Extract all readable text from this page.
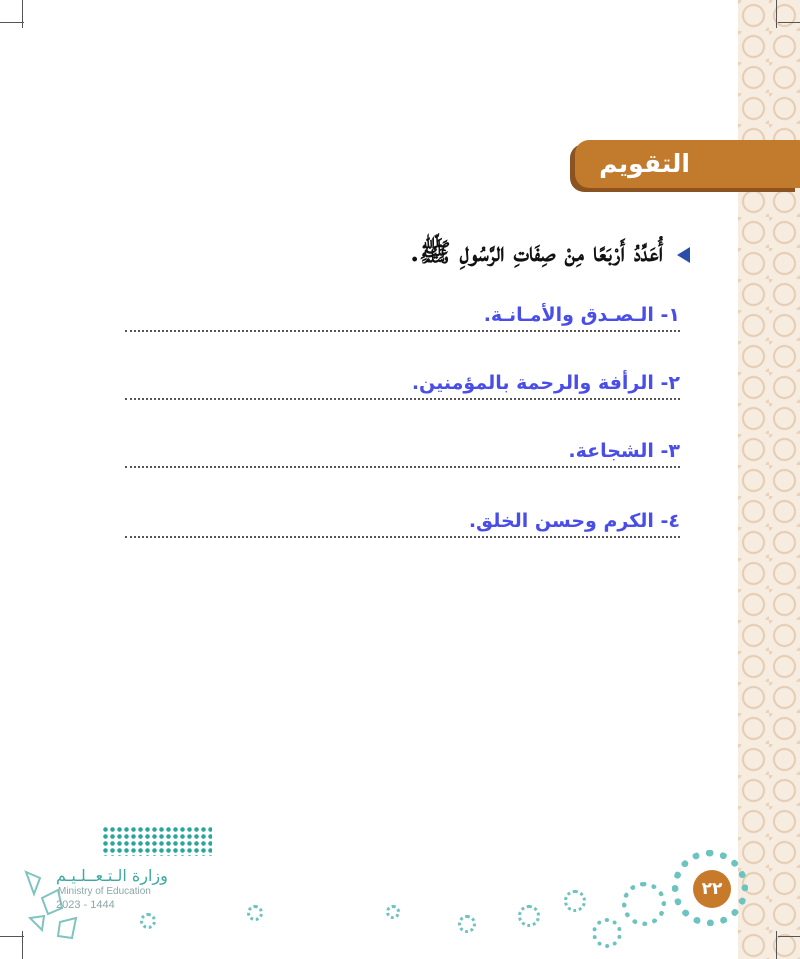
التقويم
أُعَدِّدُ أَرْبَعًا مِنْ صِفَاتِ الرَّسُولِ ﷺ.
١- الـصـدق والأمـانـة.
٢- الرأفة والرحمة بالمؤمنين.
٣- الشجاعة.
٤- الكرم وحسن الخلق.
وزارة الـتـعــلـيـم
Ministry of Education
2023 - 1444
٢٢
